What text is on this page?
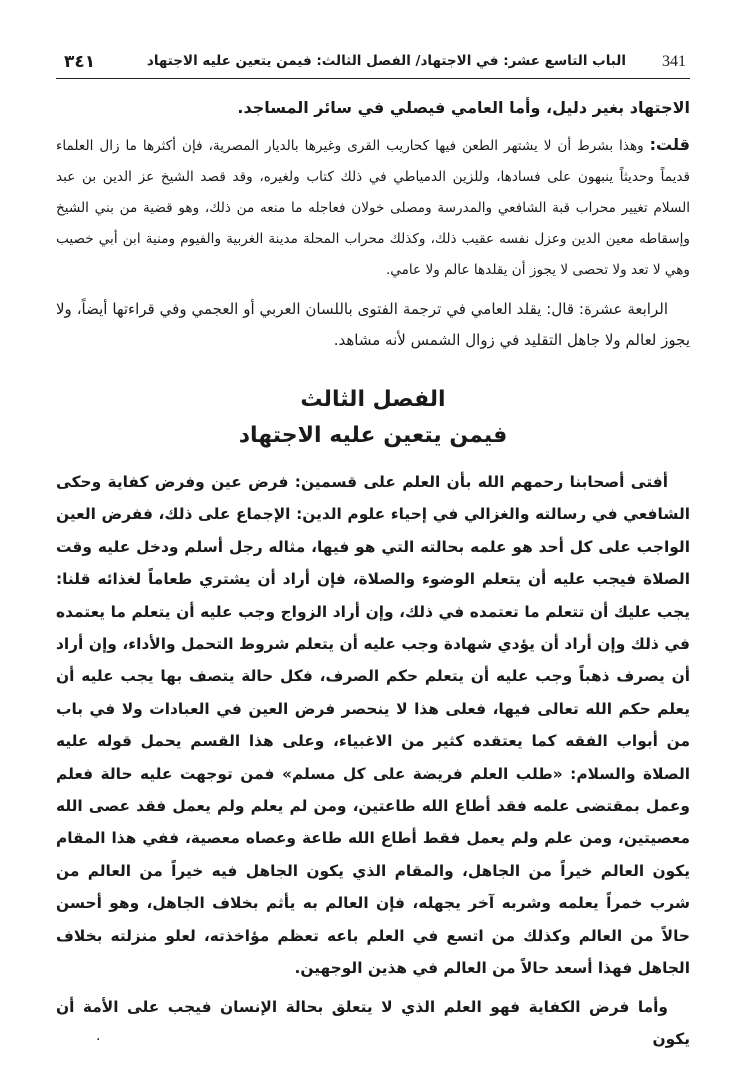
٣٤١	الباب التاسع عشر: في الاجتهاد/ الفصل الثالث: فيمن يتعين عليه الاجتهاد 341

الاجتهاد بغير دليل، وأما العامي فيصلي في سائر المساجد.

قلت: وهذا بشرط أن لا يشتهر الطعن فيها كحاريب القرى وغيرها بالديار المصرية، فإن أكثرها ما زال العلماء قديماً وحديثاً ينبهون على فسادها، وللزين الدمياطي في ذلك كتاب ولغيره، وقد قصد الشيخ عز الدين بن عبد السلام تغيير محراب قبة الشافعي والمدرسة ومصلى خولان فعاجله ما منعه من ذلك، وهو قضية من بني الشيخ وإسقاطه معين الدين وعزل نفسه عقيب ذلك، وكذلك محراب المحلة مدينة الغربية والفيوم ومنية ابن أبي خصيب وهي لا تعد ولا تحصى لا يجوز أن يقلدها عالم ولا عامي.

الرابعة عشرة: قال: يقلد العامي في ترجمة الفتوى باللسان العربي أو العجمي وفي قراءتها أيضاً، ولا يجوز لعالم ولا جاهل التقليد في زوال الشمس لأنه مشاهد.

الفصل الثالث

فيمن يتعين عليه الاجتهاد

أفتى أصحابنا رحمهم الله بأن العلم على قسمين: فرض عين وفرض كفاية وحكى الشافعي في رسالته والغزالي في إحياء علوم الدين: الإجماع على ذلك، ففرض العين الواجب على كل أحد هو علمه بحالته التي هو فيها، مثاله رجل أسلم ودخل عليه وقت الصلاة فيجب عليه أن يتعلم الوضوء والصلاة، فإن أراد أن يشتري طعاماً لغذائه قلنا: يجب عليك أن تتعلم ما تعتمده في ذلك، وإن أراد الزواج وجب عليه أن يتعلم ما يعتمده في ذلك وإن أراد أن يؤدي شهادة وجب عليه أن يتعلم شروط التحمل والأداء، وإن أراد أن يصرف ذهباً وجب عليه أن يتعلم حكم الصرف، فكل حالة يتصف بها يجب عليه أن يعلم حكم الله تعالى فيها، فعلى هذا لا ينحصر فرض العين في العبادات ولا في باب من أبواب الفقه كما يعتقده كثير من الاغبياء، وعلى هذا القسم يحمل قوله عليه الصلاة والسلام: «طلب العلم فريضة على كل مسلم» فمن توجهت عليه حالة فعلم وعمل بمقتضى علمه فقد أطاع الله طاعتين، ومن لم يعلم ولم يعمل فقد عصى الله معصيتين، ومن علم ولم يعمل فقط أطاع الله طاعة وعصاه معصية، ففي هذا المقام يكون العالم خيراً من الجاهل، والمقام الذي يكون الجاهل فيه خيراً من العالم من شرب خمراً يعلمه وشربه آخر يجهله، فإن العالم به يأثم بخلاف الجاهل، وهو أحسن حالاً من العالم وكذلك من اتسع في العلم باعه تعظم مؤاخذته، لعلو منزلته بخلاف الجاهل فهذا أسعد حالاً من العالم في هذين الوجهين.

وأما فرض الكفاية فهو العلم الذي لا يتعلق بحالة الإنسان فيجب على الأمة أن يكون

.
